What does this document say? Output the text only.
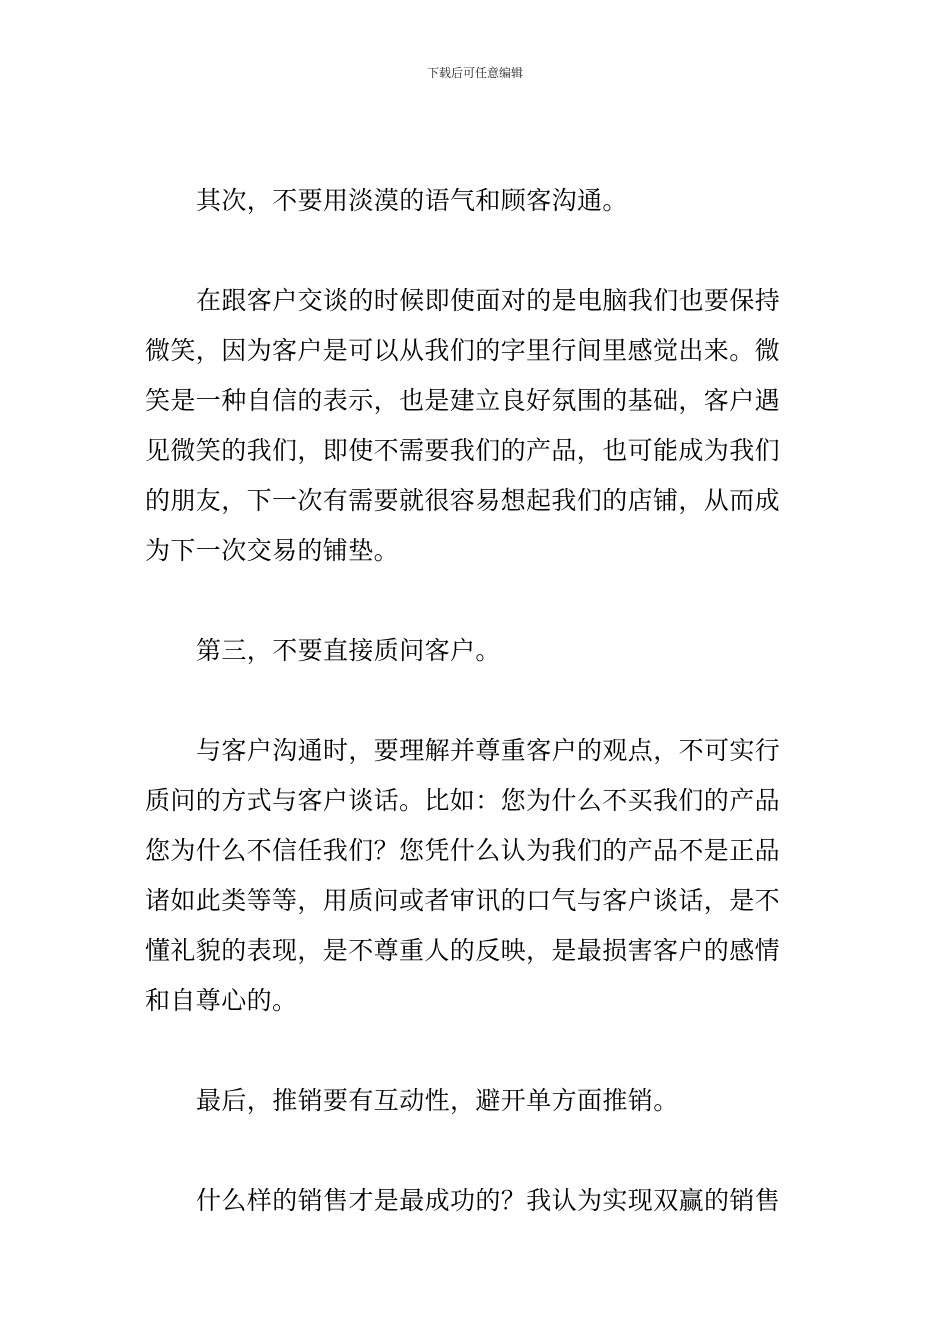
下载后可任意编辑
其次，不要用淡漠的语气和顾客沟通。
在跟客户交谈的时候即使面对的是电脑我们也要保持
微笑，因为客户是可以从我们的字里行间里感觉出来。微
笑是一种自信的表示，也是建立良好氛围的基础，客户遇
见微笑的我们，即使不需要我们的产品，也可能成为我们
的朋友，下一次有需要就很容易想起我们的店铺，从而成
为下一次交易的铺垫。
第三，不要直接质问客户。
与客户沟通时，要理解并尊重客户的观点，不可实行
质问的方式与客户谈话。比如：您为什么不买我们的产品
您为什么不信任我们？您凭什么认为我们的产品不是正品
诸如此类等等，用质问或者审讯的口气与客户谈话，是不
懂礼貌的表现，是不尊重人的反映，是最损害客户的感情
和自尊心的。
最后，推销要有互动性，避开单方面推销。
什么样的销售才是最成功的？我认为实现双赢的销售
